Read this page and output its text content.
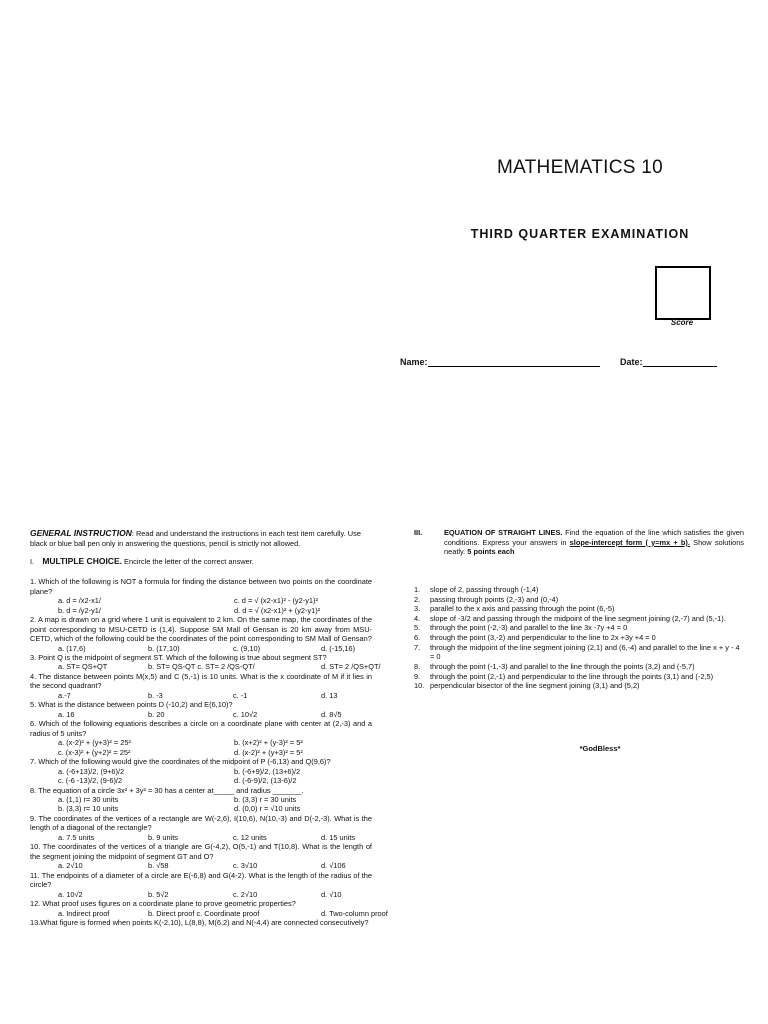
MATHEMATICS 10
THIRD QUARTER EXAMINATION
Score
Name:	Date:

GENERAL INSTRUCTION: Read and understand the instructions in each test item carefully. Use black or blue ball pen only in answering the questions, pencil is strictly not allowed.

I. MULTIPLE CHOICE. Encircle the letter of the correct answer.

1. Which of the following is NOT a formula for finding the distance between two points on the coordinate plane?

a. d = /x2-x1/	c. d = √ (x2-x1)² - (y2-y1)²
b. d = /y2-y1/	d. d = √ (x2-x1)² + (y2-y1)²

2. A map is drawn on a grid where 1 unit is equivalent to 2 km. On the same map, the coordinates of the point corresponding to MSU-CETD is (1,4). Suppose SM Mall of Gensan is 20 km away from MSU-CETD, which of the following could be the coordinates of the point corresponding to SM Mall of Gensan?

a. (17,6)	b. (17,10)	c. (9,10)	d. (-15,16)

3. Point Q is the midpoint of segment ST. Which of the following is true about segment ST?

a. ST= QS+QT	b. ST= QS-QT c. ST= 2 /QS-QT/	d. ST= 2 /QS+QT/

4. The distance between points M(x,5) and C (5,-1) is 10 units. What is the x coordinate of M if it lies in the second quadrant?

a.-7	b. -3	c. -1	d. 13

5. What is the distance between points D (-10,2) and E(6,10)?

a. 16	b. 20	c. 10√2	d. 8√5

6. Which of the following equations describes a circle on a coordinate plane with center at (2,-3) and a radius of 5 units?

a. (x-2)² + (y+3)² = 25²	b. (x+2)² + (y-3)² = 5²
c. (x-3)² + (y+2)² = 25²	d. (x-2)² + (y+3)² = 5²

7. Which of the following would give the coordinates of the midpoint of P (-6,13) and Q(9,6)?

a. (-6+13)/2, (9+6)/2	b. (-6+9)/2, (13+6)/2
c. (-6 -13)/2, (9-6)/2	d. (-6-9)/2, (13-6)/2

8. The equation of a circle 3x² + 3y² = 30 has a center at_____ and radius _______.

a. (1,1) r= 30 units	b. (3,3) r = 30 units
b. (3,3) r= 10 units	d. (0,0) r = √10 units

9. The coordinates of the vertices of a rectangle are W(-2,6), I(10,6), N(10,-3) and D(-2,-3). What is the length of a diagonal of the rectangle?

a. 7.5 units	b. 9 units	c. 12 units	d. 15 units

10. The coordinates of the vertices of a triangle are G(-4,2), O(5,-1) and T(10,8). What is the length of the segment joining the midpoint of segment GT and O?

a. 2√10	b. √58	c. 3√10	d. √106

11. The endpoints of a diameter of a circle are E(-6,8) and G(4-2). What is the length of the radius of the circle?

a. 10√2	b. 5√2	c. 2√10	d. √10

12. What proof uses figures on a coordinate plane to prove geometric properties?

a. Indirect proof	b. Direct proof c. Coordinate proof	d. Two-column proof

13.What figure is formed when points K(-2,10), L(8,8), M(6,2) and N(-4,4) are connected consecutively?

III.	EQUATION OF STRAIGHT LINES. Find the equation of the line which satisfies the given conditions. Express your answers in slope-intercept form ( y=mx + b). Show solutions neatly. 5 points each
1.	slope of 2, passing through (-1,4)
2.	passing through points (2,-3) and (0,-4)
3.	parallel to the x axis and passing through the point (6,-5)
4.	slope of -3/2 and passing through the midpoint of the line segment joining (2,-7) and (5,-1).
5.	through the point (-2,-3) and parallel to the line 3x -7y +4 = 0
6.	through the point (3,-2) and perpendicular to the line to 2x +3y +4 = 0
7.	through the midpoint of the line segment joining (2,1) and (6,-4) and parallel to the line x + y - 4 = 0
8.	through the point (-1,-3) and parallel to the line through the points (3,2) and (-5,7)
9.	through the point (2,-1) and perpendicular to the line through the points (3,1) and (-2,5)
10. perpendicular bisector of the line segment joining (3,1) and (5,2)
*GodBless*
